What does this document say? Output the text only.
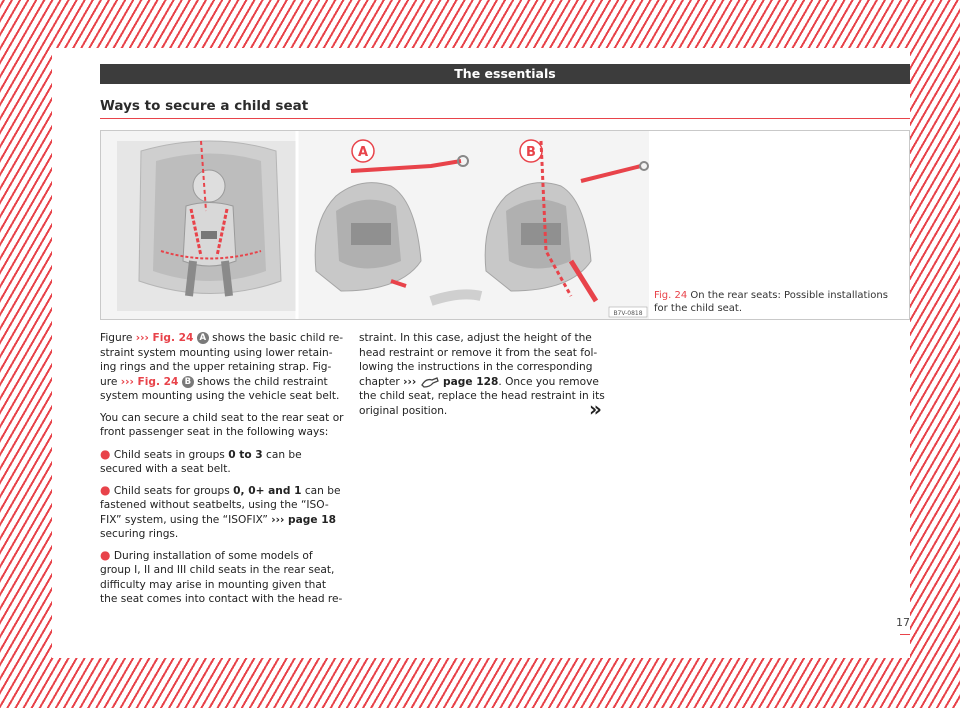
The essentials
Ways to secure a child seat
A	B
B7V-0818
Fig. 24 On the rear seats: Possible installations for the child seat.

Figure ››› Fig. 24 A shows the basic child re-straint system mounting using lower retain-ing rings and the upper retaining strap. Fig-ure ››› Fig. 24 B shows the child restraint system mounting using the vehicle seat belt.

You can secure a child seat to the rear seat or front passenger seat in the following ways:

● Child seats in groups 0 to 3 can be secured with a seat belt.
● Child seats for groups 0, 0+ and 1 can be fastened without seatbelts, using the “ISO-FIX” system, using the “ISOFIX” ››› page 18 securing rings.
● During installation of some models of group I, II and III child seats in the rear seat, difficulty may arise in mounting given that the seat comes into contact with the head re-

straint. In this case, adjust the height of the head restraint or remove it from the seat fol-lowing the instructions in the corresponding chapter ›››	page 128. Once you remove the child seat, replace the head restraint in its original position.	»
17
